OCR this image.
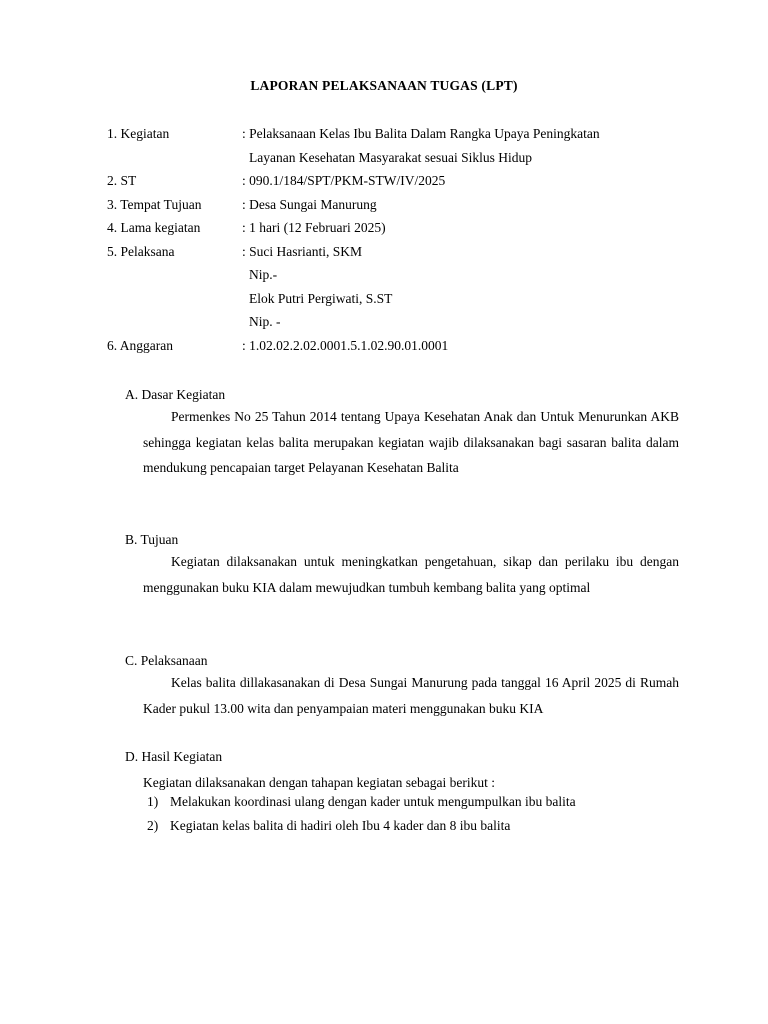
LAPORAN PELAKSANAAN TUGAS (LPT)
1. Kegiatan	: Pelaksanaan Kelas Ibu Balita Dalam Rangka Upaya Peningkatan
Layanan Kesehatan Masyarakat sesuai Siklus Hidup
2. ST	: 090.1/184/SPT/PKM-STW/IV/2025
3. Tempat Tujuan	: Desa Sungai Manurung
4. Lama kegiatan	: 1 hari (12 Februari 2025)
5. Pelaksana	: Suci Hasrianti, SKM
Nip.-
Elok Putri Pergiwati, S.ST
Nip. -
6. Anggaran	: 1.02.02.2.02.0001.5.1.02.90.01.0001
A. Dasar Kegiatan
Permenkes No 25 Tahun 2014 tentang Upaya Kesehatan Anak dan Untuk Menurunkan AKB sehingga kegiatan kelas balita merupakan kegiatan wajib dilaksanakan bagi sasaran balita dalam mendukung pencapaian target Pelayanan Kesehatan Balita
B. Tujuan
Kegiatan dilaksanakan untuk meningkatkan pengetahuan, sikap dan perilaku ibu dengan menggunakan buku KIA dalam mewujudkan tumbuh kembang balita yang optimal
C. Pelaksanaan
Kelas balita dillakasanakan di Desa Sungai Manurung pada tanggal 16 April 2025 di Rumah Kader pukul 13.00 wita dan penyampaian materi menggunakan buku KIA
D. Hasil Kegiatan
Kegiatan dilaksanakan dengan tahapan kegiatan sebagai berikut :
1) Melakukan koordinasi ulang dengan kader untuk mengumpulkan ibu balita
2) Kegiatan kelas balita di hadiri oleh Ibu 4 kader dan 8 ibu balita
